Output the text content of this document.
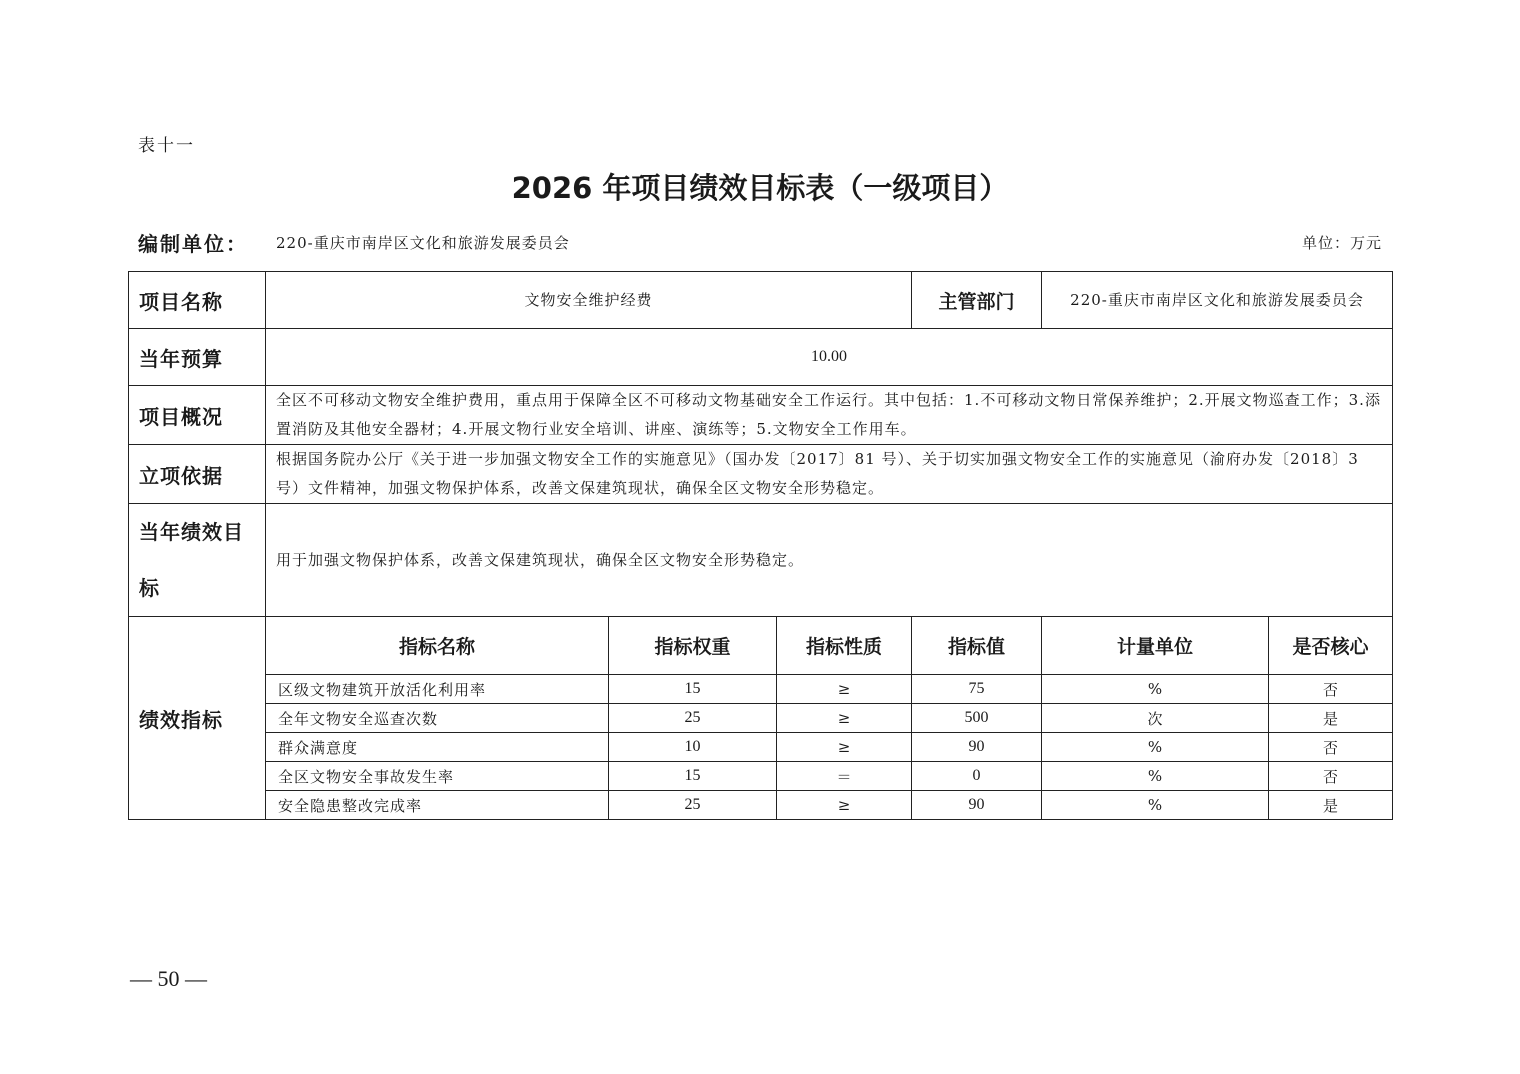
表十一
2026 年项目绩效目标表（一级项目）
编制单位： 220-重庆市南岸区文化和旅游发展委员会	单位：万元
项目名称	文物安全维护经费			主管部门	220-重庆市南岸区文化和旅游发展委员会	
当年预算	10.00					
项目概况	全区不可移动文物安全维护费用，重点用于保障全区不可移动文物基础安全工作运行。其中包括：1.不可移动文物日常保养维护；2.开展文物巡查工作；3.添置消防及其他安全器材；4.开展文物行业安全培训、讲座、演练等；5.文物安全工作用车。					
立项依据	根据国务院办公厅《关于进一步加强文物安全工作的实施意见》（国办发〔2017〕81 号）、关于切实加强文物安全工作的实施意见（渝府办发〔2018〕3 号）文件精神，加强文物保护体系，改善文保建筑现状，确保全区文物安全形势稳定。					
当年绩效目
标	用于加强文物保护体系，改善文保建筑现状，确保全区文物安全形势稳定。					
绩效指标	指标名称	指标权重	指标性质	指标值	计量单位	是否核心
	区级文物建筑开放活化利用率	15	≥	75	%	否
	全年文物安全巡查次数	25	≥	500	次	是
	群众满意度	10	≥	90	%	否
	全区文物安全事故发生率	15	＝	0	%	否
	安全隐患整改完成率	25	≥	90	%	是
— 50 —
